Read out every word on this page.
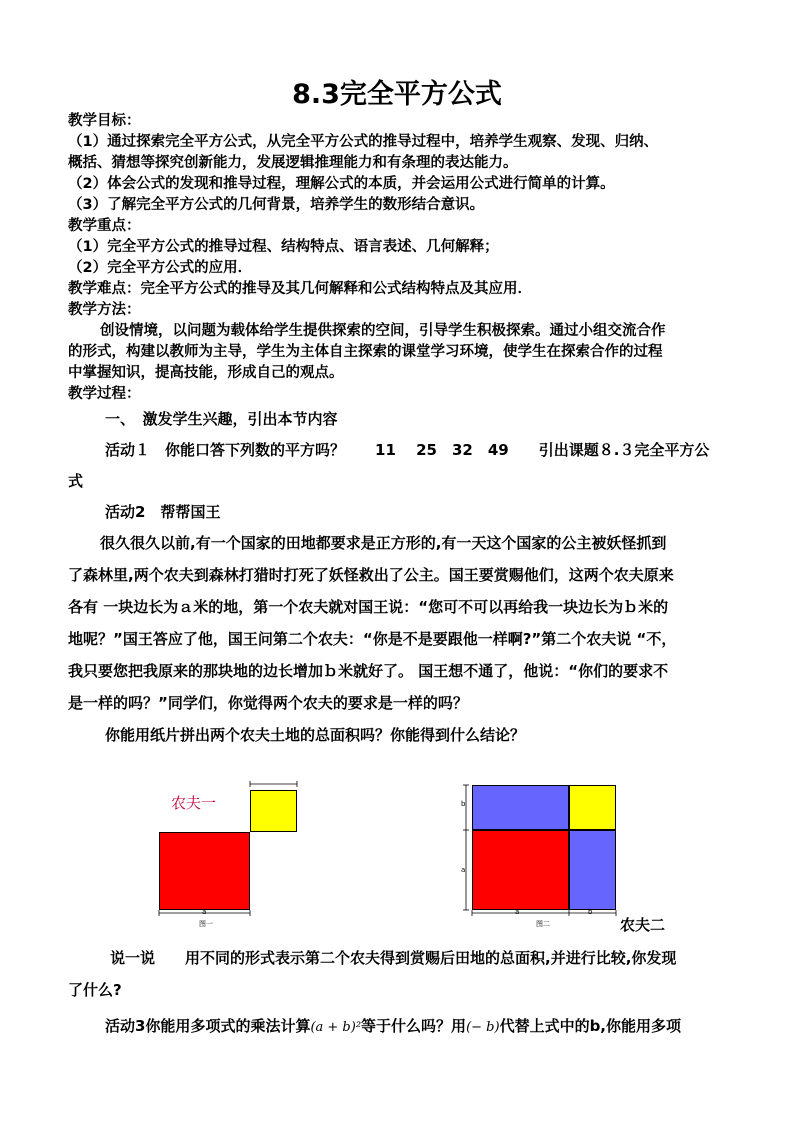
8.3完全平方公式
教学目标：
（1）通过探索完全平方公式，从完全平方公式的推导过程中，培养学生观察、发现、归纳、
概括、猜想等探究创新能力，发展逻辑推理能力和有条理的表达能力。
（2）体会公式的发现和推导过程，理解公式的本质，并会运用公式进行简单的计算。
（3）了解完全平方公式的几何背景，培养学生的数形结合意识。
教学重点：
（1）完全平方公式的推导过程、结构特点、语言表述、几何解释；
（2）完全平方公式的应用．
教学难点：完全平方公式的推导及其几何解释和公式结构特点及其应用．
教学方法：
创设情境，以问题为载体给学生提供探索的空间，引导学生积极探索。通过小组交流合作
的形式，构建以教师为主导，学生为主体自主探索的课堂学习环境，使学生在探索合作的过程
中掌握知识，提高技能，形成自己的观点。
教学过程：
一、　激发学生兴趣，引出本节内容
活动１　你能口答下列数的平方吗？　　11　 25　32　49　　引出课题８.３完全平方公
式
活动2　帮帮国王
很久很久以前,有一个国家的田地都要求是正方形的,有一天这个国家的公主被妖怪抓到
了森林里,两个农夫到森林打猎时打死了妖怪救出了公主。国王要赏赐他们，这两个农夫原来
各有 一块边长为ａ米的地，第一个农夫就对国王说：“您可不可以再给我一块边长为ｂ米的
地呢？”国王答应了他，国王问第二个农夫：“你是不是要跟他一样啊?”第二个农夫说 “不，
我只要您把我原来的那块地的边长增加ｂ米就好了。 国王想不通了，他说：“你们的要求不
是一样的吗？”同学们，你觉得两个农夫的要求是一样的吗？
你能用纸片拼出两个农夫土地的总面积吗？你能得到什么结论？
农夫一
a
图一
b
a
a	b
图二	农夫二
说一说　　用不同的形式表示第二个农夫得到赏赐后田地的总面积,并进行比较,你发现
了什么?
活动3你能用多项式的乘法计算(a + b)²等于什么吗？用(− b)代替上式中的b,你能用多项
